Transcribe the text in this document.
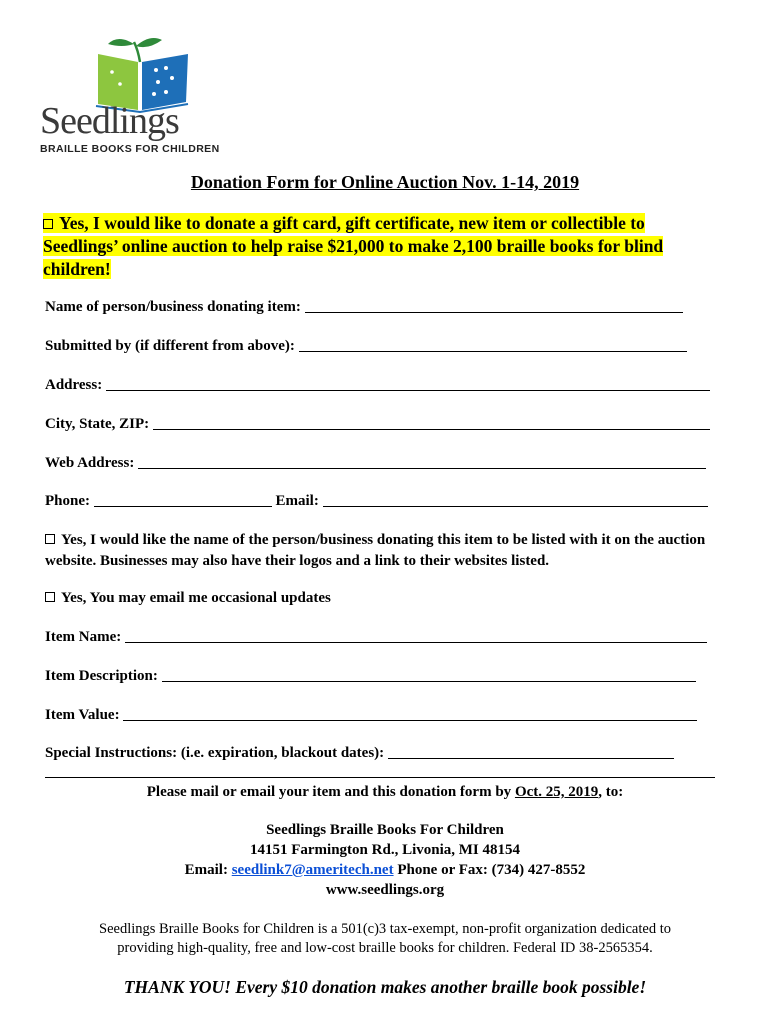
Seedlings
BRAILLE BOOKS FOR CHILDREN
Donation Form for Online Auction Nov. 1-14, 2019
Yes, I would like to donate a gift card, gift certificate, new item or collectible to Seedlings’ online auction to help raise $21,000 to make 2,100 braille books for blind children!
Name of person/business donating item:
Submitted by (if different from above):
Address:
City, State, ZIP:
Web Address:
Phone:	Email:
Yes, I would like the name of the person/business donating this item to be listed with it on the auction website. Businesses may also have their logos and a link to their websites listed.
Yes, You may email me occasional updates
Item Name:
Item Description:
Item Value:
Special Instructions: (i.e. expiration, blackout dates):
Please mail or email your item and this donation form by Oct. 25, 2019, to:
Seedlings Braille Books For Children
14151 Farmington Rd., Livonia, MI 48154
Email: seedlink7@ameritech.net Phone or Fax: (734) 427-8552
www.seedlings.org
Seedlings Braille Books for Children is a 501(c)3 tax-exempt, non-profit organization dedicated to
providing high-quality, free and low-cost braille books for children. Federal ID 38-2565354.
THANK YOU! Every $10 donation makes another braille book possible!
